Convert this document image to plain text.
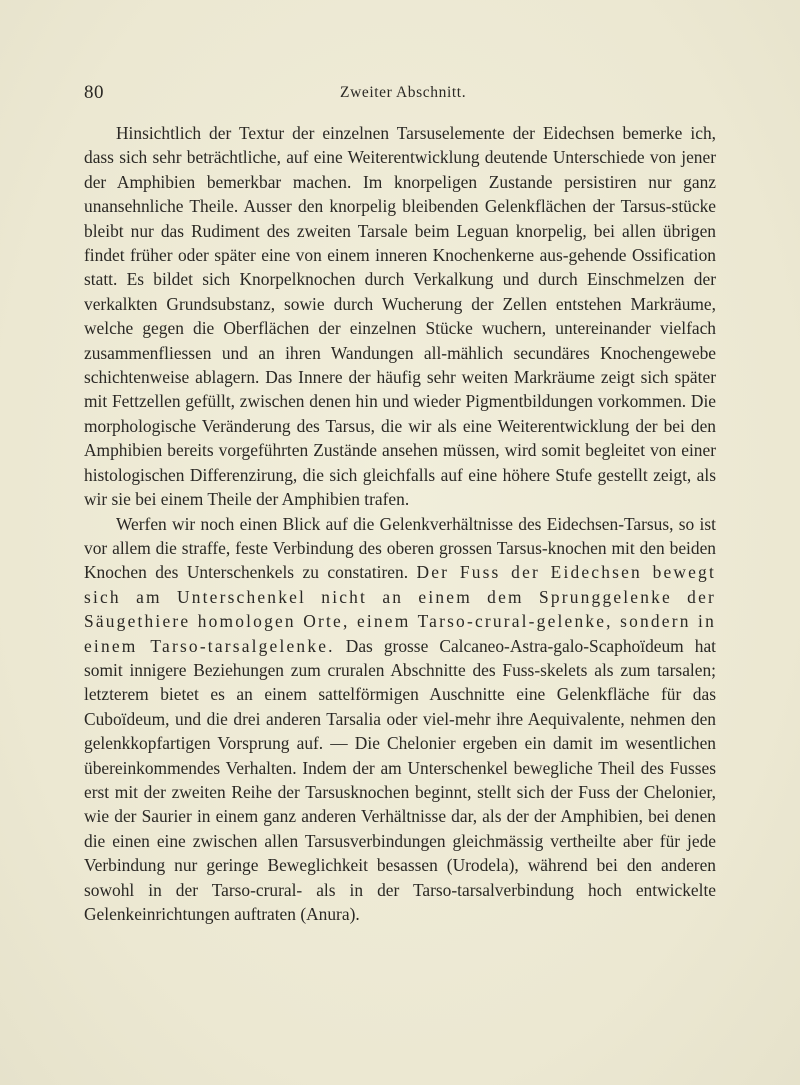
80	Zweiter Abschnitt.

Hinsichtlich der Textur der einzelnen Tarsuselemente der Eidechsen bemerke ich, dass sich sehr beträchtliche, auf eine Weiterentwicklung deutende Unterschiede von jener der Amphibien bemerkbar machen. Im knorpeligen Zustande persistiren nur ganz unansehnliche Theile. Ausser den knorpelig bleibenden Gelenkflächen der Tarsus-stücke bleibt nur das Rudiment des zweiten Tarsale beim Leguan knorpelig, bei allen übrigen findet früher oder später eine von einem inneren Knochenkerne aus-gehende Ossification statt. Es bildet sich Knorpelknochen durch Verkalkung und durch Einschmelzen der verkalkten Grundsubstanz, sowie durch Wucherung der Zellen entstehen Markräume, welche gegen die Oberflächen der einzelnen Stücke wuchern, untereinander vielfach zusammenfliessen und an ihren Wandungen all-mählich secundäres Knochengewebe schichtenweise ablagern. Das Innere der häufig sehr weiten Markräume zeigt sich später mit Fettzellen gefüllt, zwischen denen hin und wieder Pigmentbildungen vorkommen. Die morphologische Veränderung des Tarsus, die wir als eine Weiterentwicklung der bei den Amphibien bereits vorgeführten Zustände ansehen müssen, wird somit begleitet von einer histologischen Differenzirung, die sich gleichfalls auf eine höhere Stufe gestellt zeigt, als wir sie bei einem Theile der Amphibien trafen.

Werfen wir noch einen Blick auf die Gelenkverhältnisse des Eidechsen-Tarsus, so ist vor allem die straffe, feste Verbindung des oberen grossen Tarsus-knochen mit den beiden Knochen des Unterschenkels zu constatiren. Der Fuss der Eidechsen bewegt sich am Unterschenkel nicht an einem dem Sprunggelenke der Säugethiere homologen Orte, einem Tarso-crural-gelenke, sondern in einem Tarso-tarsalgelenke. Das grosse Calcaneo-Astra-galo-Scaphoïdeum hat somit innigere Beziehungen zum cruralen Abschnitte des Fuss-skelets als zum tarsalen; letzterem bietet es an einem sattelförmigen Auschnitte eine Gelenkfläche für das Cuboïdeum, und die drei anderen Tarsalia oder viel-mehr ihre Aequivalente, nehmen den gelenkkopfartigen Vorsprung auf. — Die Chelonier ergeben ein damit im wesentlichen übereinkommendes Verhalten. Indem der am Unterschenkel bewegliche Theil des Fusses erst mit der zweiten Reihe der Tarsusknochen beginnt, stellt sich der Fuss der Chelonier, wie der Saurier in einem ganz anderen Verhältnisse dar, als der der Amphibien, bei denen die einen eine zwischen allen Tarsusverbindungen gleichmässig vertheilte aber für jede Verbindung nur geringe Beweglichkeit besassen (Urodela), während bei den anderen sowohl in der Tarso-crural- als in der Tarso-tarsalverbindung hoch entwickelte Gelenkeinrichtungen auftraten (Anura).
